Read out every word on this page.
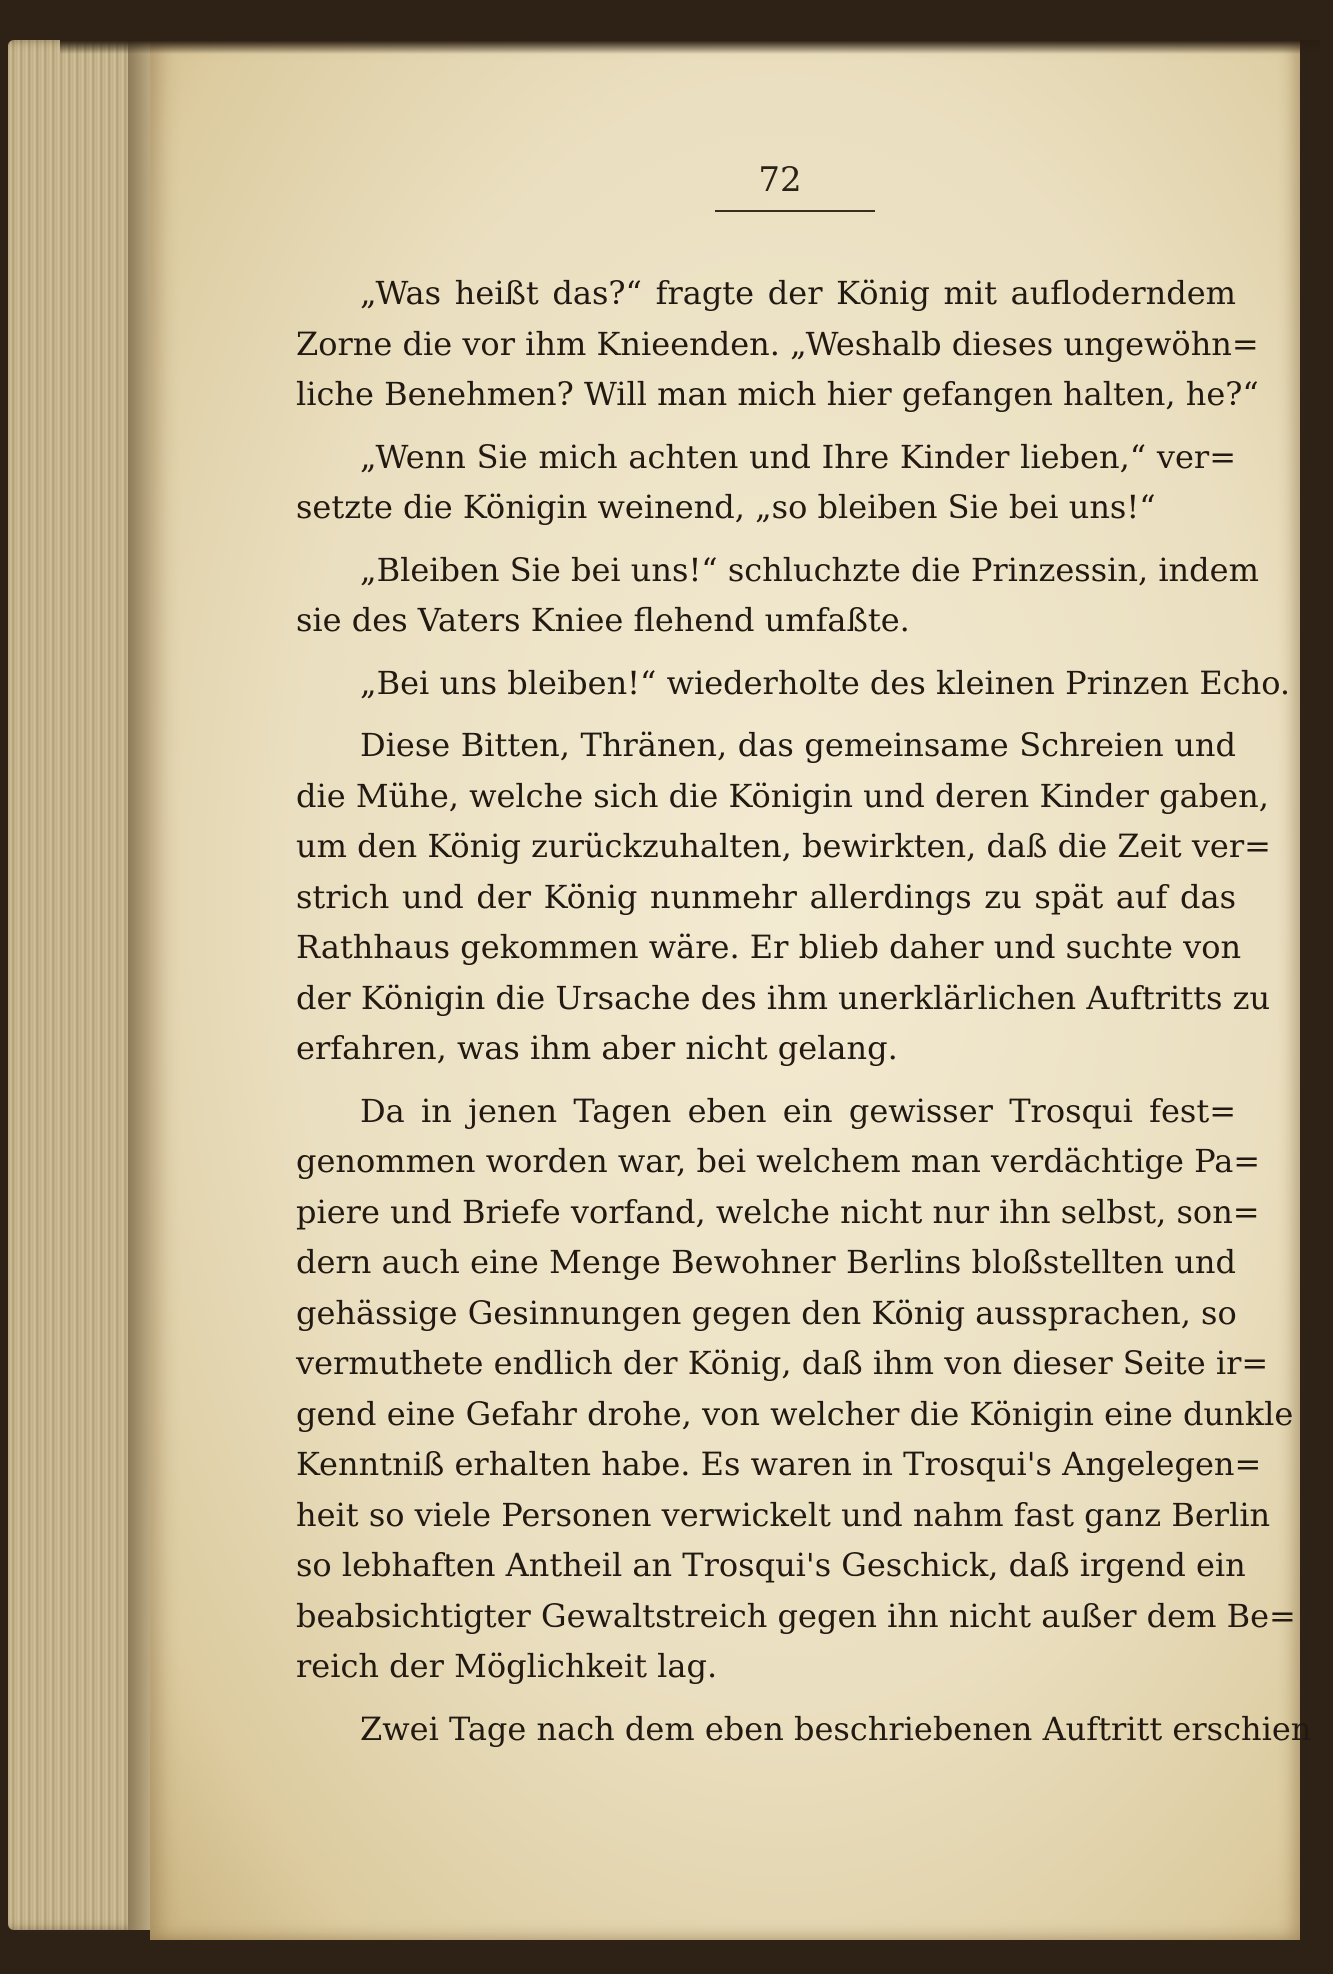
72
„Was heißt das?“ fragte der König mit aufloderndem
Zorne die vor ihm Knieenden. „Weshalb dieses ungewöhn=
liche Benehmen? Will man mich hier gefangen halten, he?“
„Wenn Sie mich achten und Ihre Kinder lieben,“ ver=
setzte die Königin weinend, „so bleiben Sie bei uns!“
„Bleiben Sie bei uns!“ schluchzte die Prinzessin, indem
sie des Vaters Kniee flehend umfaßte.
„Bei uns bleiben!“ wiederholte des kleinen Prinzen Echo.
Diese Bitten, Thränen, das gemeinsame Schreien und
die Mühe, welche sich die Königin und deren Kinder gaben,
um den König zurückzuhalten, bewirkten, daß die Zeit ver=
strich und der König nunmehr allerdings zu spät auf das
Rathhaus gekommen wäre. Er blieb daher und suchte von
der Königin die Ursache des ihm unerklärlichen Auftritts zu
erfahren, was ihm aber nicht gelang.
Da in jenen Tagen eben ein gewisser Trosqui fest=
genommen worden war, bei welchem man verdächtige Pa=
piere und Briefe vorfand, welche nicht nur ihn selbst, son=
dern auch eine Menge Bewohner Berlins bloßstellten und
gehässige Gesinnungen gegen den König aussprachen, so
vermuthete endlich der König, daß ihm von dieser Seite ir=
gend eine Gefahr drohe, von welcher die Königin eine dunkle
Kenntniß erhalten habe. Es waren in Trosqui's Angelegen=
heit so viele Personen verwickelt und nahm fast ganz Berlin
so lebhaften Antheil an Trosqui's Geschick, daß irgend ein
beabsichtigter Gewaltstreich gegen ihn nicht außer dem Be=
reich der Möglichkeit lag.
Zwei Tage nach dem eben beschriebenen Auftritt erschien
